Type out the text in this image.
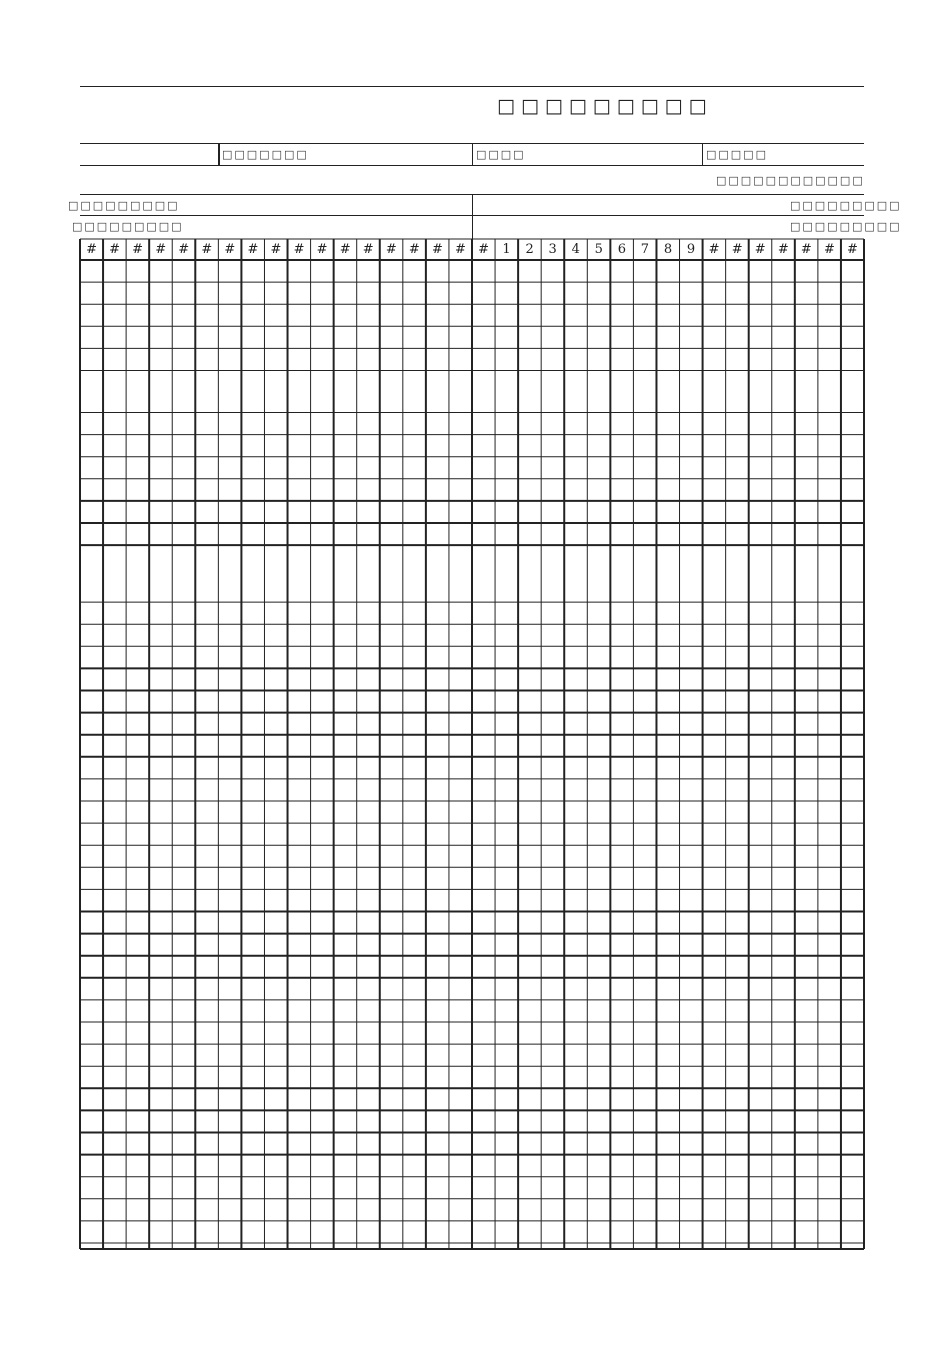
□□□□□□□□□
□□□□□□□	□□□□	□□□□□
□□□□□□□□□□□□
□□□□□□□□□	□□□□□□□□□
□□□□□□□□□	□□□□□□□□□
# # # # # # # # # # # # # # # # # #	1	2	3	4	5	6	7	8	9	# # # # # # #
